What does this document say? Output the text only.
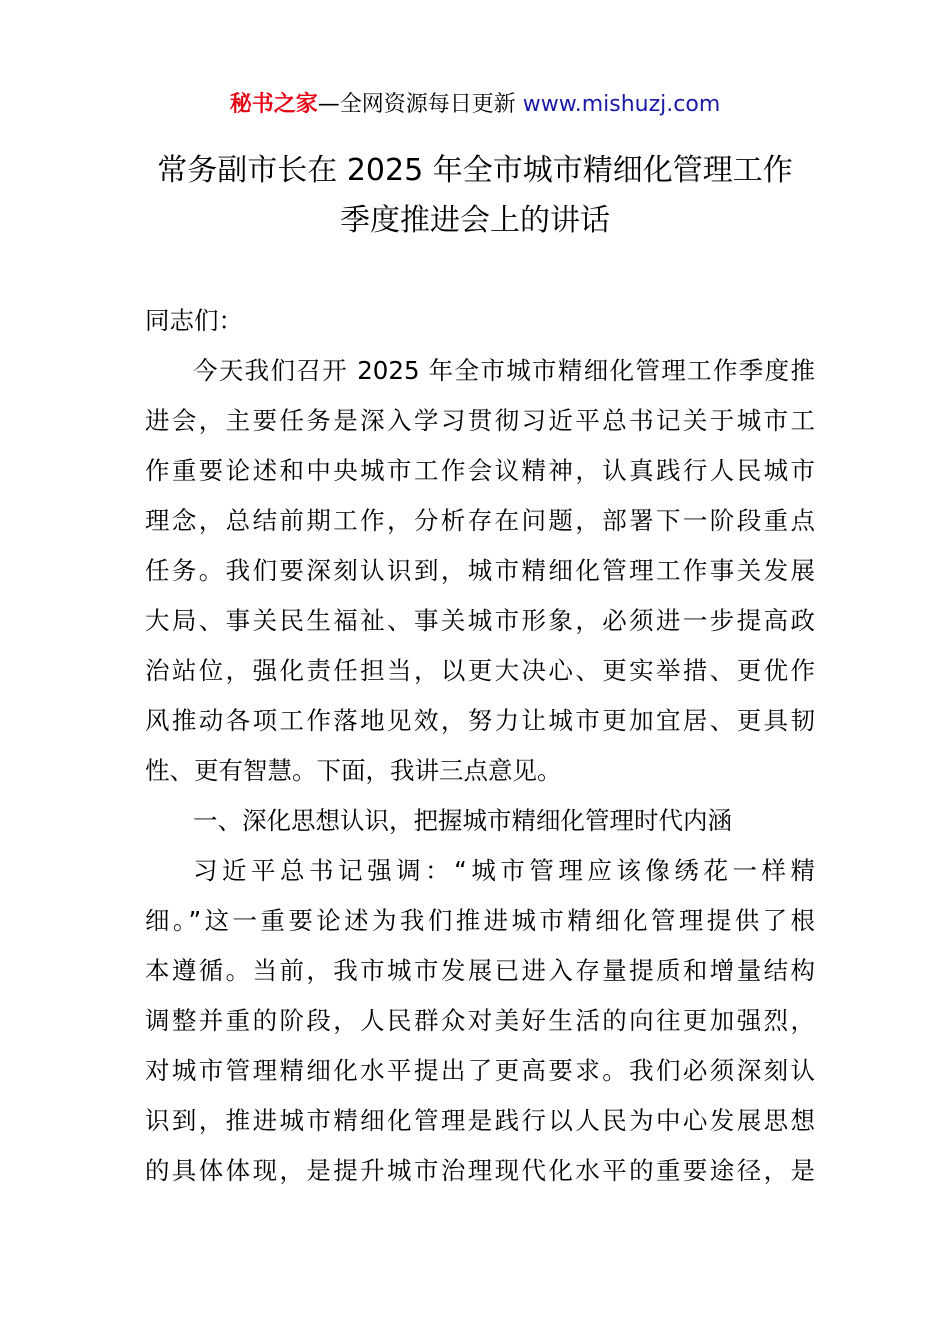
秘书之家—全网资源每日更新 www.mishuzj.com
常务副市长在 2025 年全市城市精细化管理工作
季度推进会上的讲话
同志们：
今天我们召开 2025 年全市城市精细化管理工作季度推
进会，主要任务是深入学习贯彻习近平总书记关于城市工
作重要论述和中央城市工作会议精神，认真践行人民城市
理念，总结前期工作，分析存在问题，部署下一阶段重点
任务。我们要深刻认识到，城市精细化管理工作事关发展
大局、事关民生福祉、事关城市形象，必须进一步提高政
治站位，强化责任担当，以更大决心、更实举措、更优作
风推动各项工作落地见效，努力让城市更加宜居、更具韧
性、更有智慧。下面，我讲三点意见。
一、深化思想认识，把握城市精细化管理时代内涵
习近平总书记强调：“城市管理应该像绣花一样精
细。”这一重要论述为我们推进城市精细化管理提供了根
本遵循。当前，我市城市发展已进入存量提质和增量结构
调整并重的阶段，人民群众对美好生活的向往更加强烈，
对城市管理精细化水平提出了更高要求。我们必须深刻认
识到，推进城市精细化管理是践行以人民为中心发展思想
的具体体现，是提升城市治理现代化水平的重要途径，是
